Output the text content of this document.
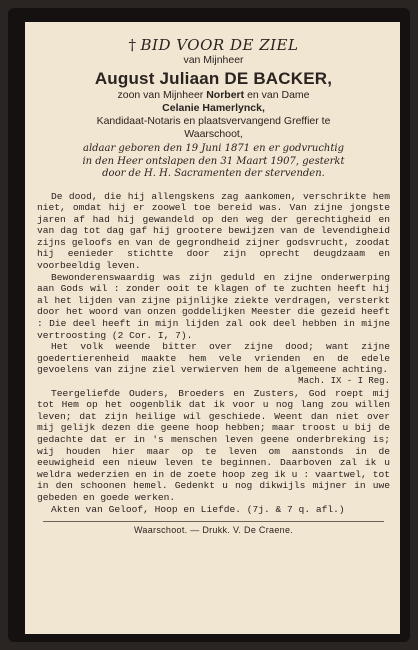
† BID VOOR DE ZIEL
van Mijnheer
August Juliaan DE BACKER,
zoon van Mijnheer Norbert en van Dame
Celanie Hamerlynck,
Kandidaat-Notaris en plaatsvervangend Greffier te
Waarschoot,
aldaar geboren den 19 Juni 1871 en er godvruchtig
in den Heer ontslapen den 31 Maart 1907, gesterkt
door de H. H. Sacramenten der stervenden.

De dood, die hij allengskens zag aankomen, verschrikte hem niet, omdat hij er zoowel toe bereid was. Van zijne jongste jaren af had hij gewandeld op den weg der gerechtigheid en van dag tot dag gaf hij grootere bewijzen van de levendigheid zijns geloofs en van de gegrondheid zijner godsvrucht, zoodat hij eenieder stichtte door zijn oprecht deugdzaam en voorbeeldig leven.

Bewonderenswaardig was zijn geduld en zijne onderwerping aan Gods wil : zonder ooit te klagen of te zuchten heeft hij al het lijden van zijne pijnlijke ziekte verdragen, versterkt door het woord van onzen goddelijken Meester die gezeid heeft : Die deel heeft in mijn lijden zal ook deel hebben in mijne vertroosting (2 Cor. I, 7).

Het volk weende bitter over zijne dood; want zijne goedertierenheid maakte hem vele vrienden en de edele gevoelens van zijne ziel verwierven hem de algemeene achting.

Mach. IX - I Reg.

Teergeliefde Ouders, Broeders en Zusters, God roept mij tot Hem op het oogenblik dat ik voor u nog lang zou willen leven; dat zijn heilige wil geschiede. Weent dan niet over mij gelijk dezen die geene hoop hebben; maar troost u bij de gedachte dat er in 's menschen leven geene onderbreking is; wij houden hier maar op te leven om aanstonds in de eeuwigheid een nieuw leven te beginnen. Daarboven zal ik u weldra wederzien en in de zoete hoop zeg ik u : vaartwel, tot in den schoonen hemel. Gedenkt u nog dikwijls mijner in uwe gebeden en goede werken.

Akten van Geloof, Hoop en Liefde. (7j. & 7 q. afl.)

Waarschoot. — Drukk. V. De Craene.
